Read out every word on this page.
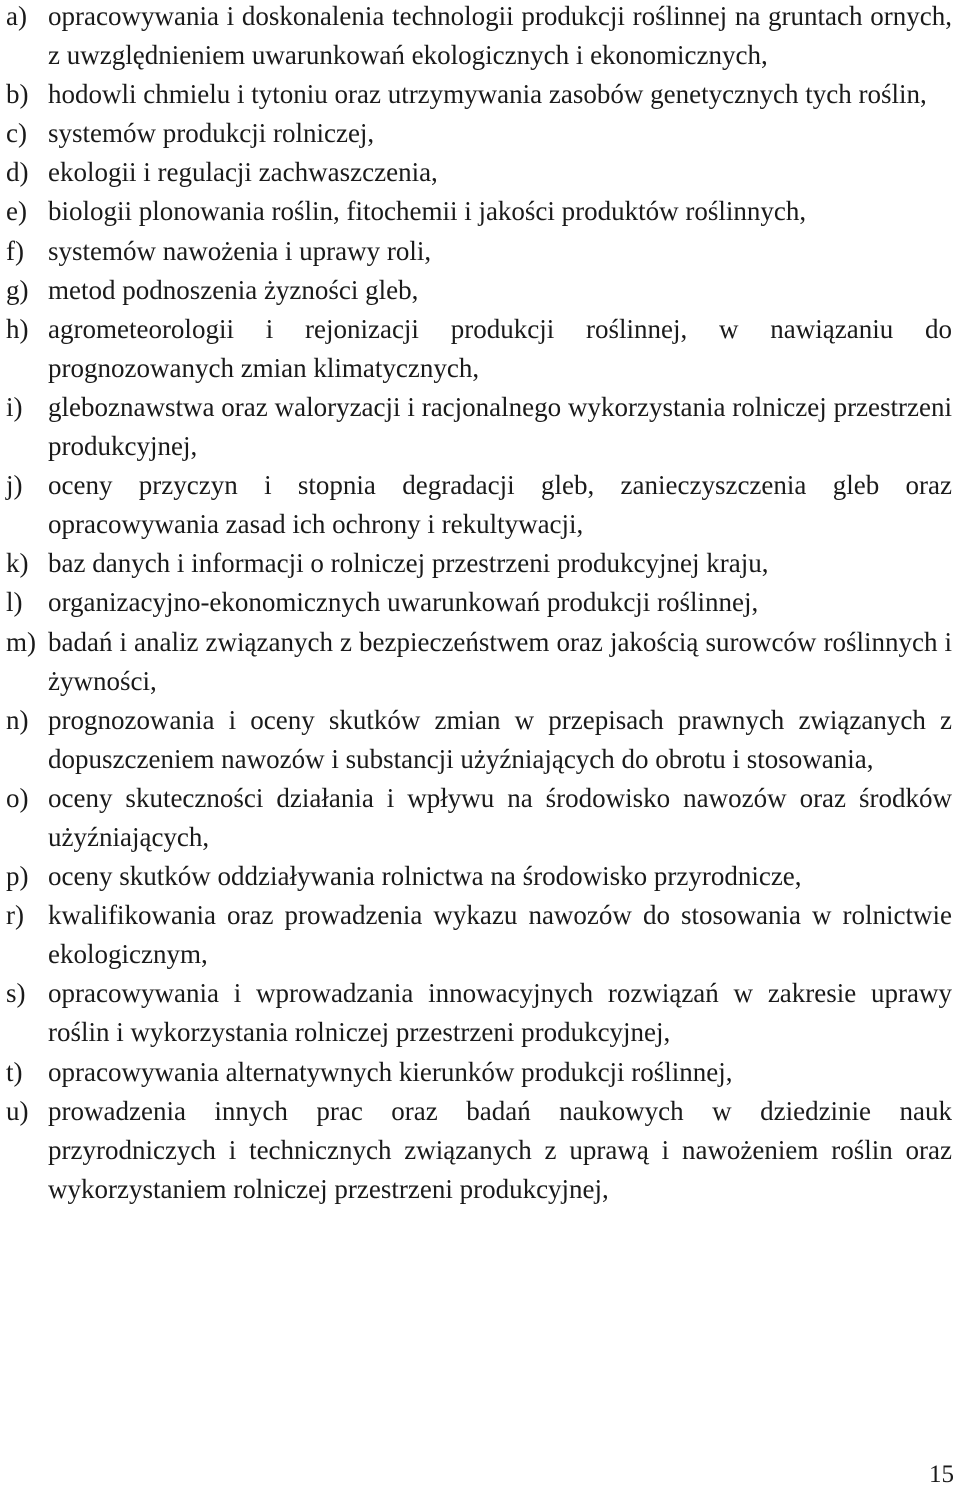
a) opracowywania i doskonalenia technologii produkcji roślinnej na gruntach ornych, z uwzględnieniem uwarunkowań ekologicznych i ekonomicznych,
b) hodowli chmielu i tytoniu oraz utrzymywania zasobów genetycznych tych roślin,
c) systemów produkcji rolniczej,
d) ekologii i regulacji zachwaszczenia,
e) biologii plonowania roślin, fitochemii i jakości produktów roślinnych,
f) systemów nawożenia i uprawy roli,
g) metod podnoszenia żyzności gleb,
h) agrometeorologii i rejonizacji produkcji roślinnej, w nawiązaniu do prognozowanych zmian klimatycznych,
i) gleboznawstwa oraz waloryzacji i racjonalnego wykorzystania rolniczej przestrzeni produkcyjnej,
j) oceny przyczyn i stopnia degradacji gleb, zanieczyszczenia gleb oraz opracowywania zasad ich ochrony i rekultywacji,
k) baz danych i informacji o rolniczej przestrzeni produkcyjnej kraju,
l) organizacyjno-ekonomicznych uwarunkowań produkcji roślinnej,
m) badań i analiz związanych z bezpieczeństwem oraz jakością surowców roślinnych i żywności,
n) prognozowania i oceny skutków zmian w przepisach prawnych związanych z dopuszczeniem nawozów i substancji użyźniających do obrotu i stosowania,
o) oceny skuteczności działania i wpływu na środowisko nawozów oraz środków użyźniających,
p) oceny skutków oddziaływania rolnictwa na środowisko przyrodnicze,
r) kwalifikowania oraz prowadzenia wykazu nawozów do stosowania w rolnictwie ekologicznym,
s) opracowywania i wprowadzania innowacyjnych rozwiązań w zakresie uprawy roślin i wykorzystania rolniczej przestrzeni produkcyjnej,
t) opracowywania alternatywnych kierunków produkcji roślinnej,
u) prowadzenia innych prac oraz badań naukowych w dziedzinie nauk przyrodniczych i technicznych związanych z uprawą i nawożeniem roślin oraz wykorzystaniem rolniczej przestrzeni produkcyjnej,
15
